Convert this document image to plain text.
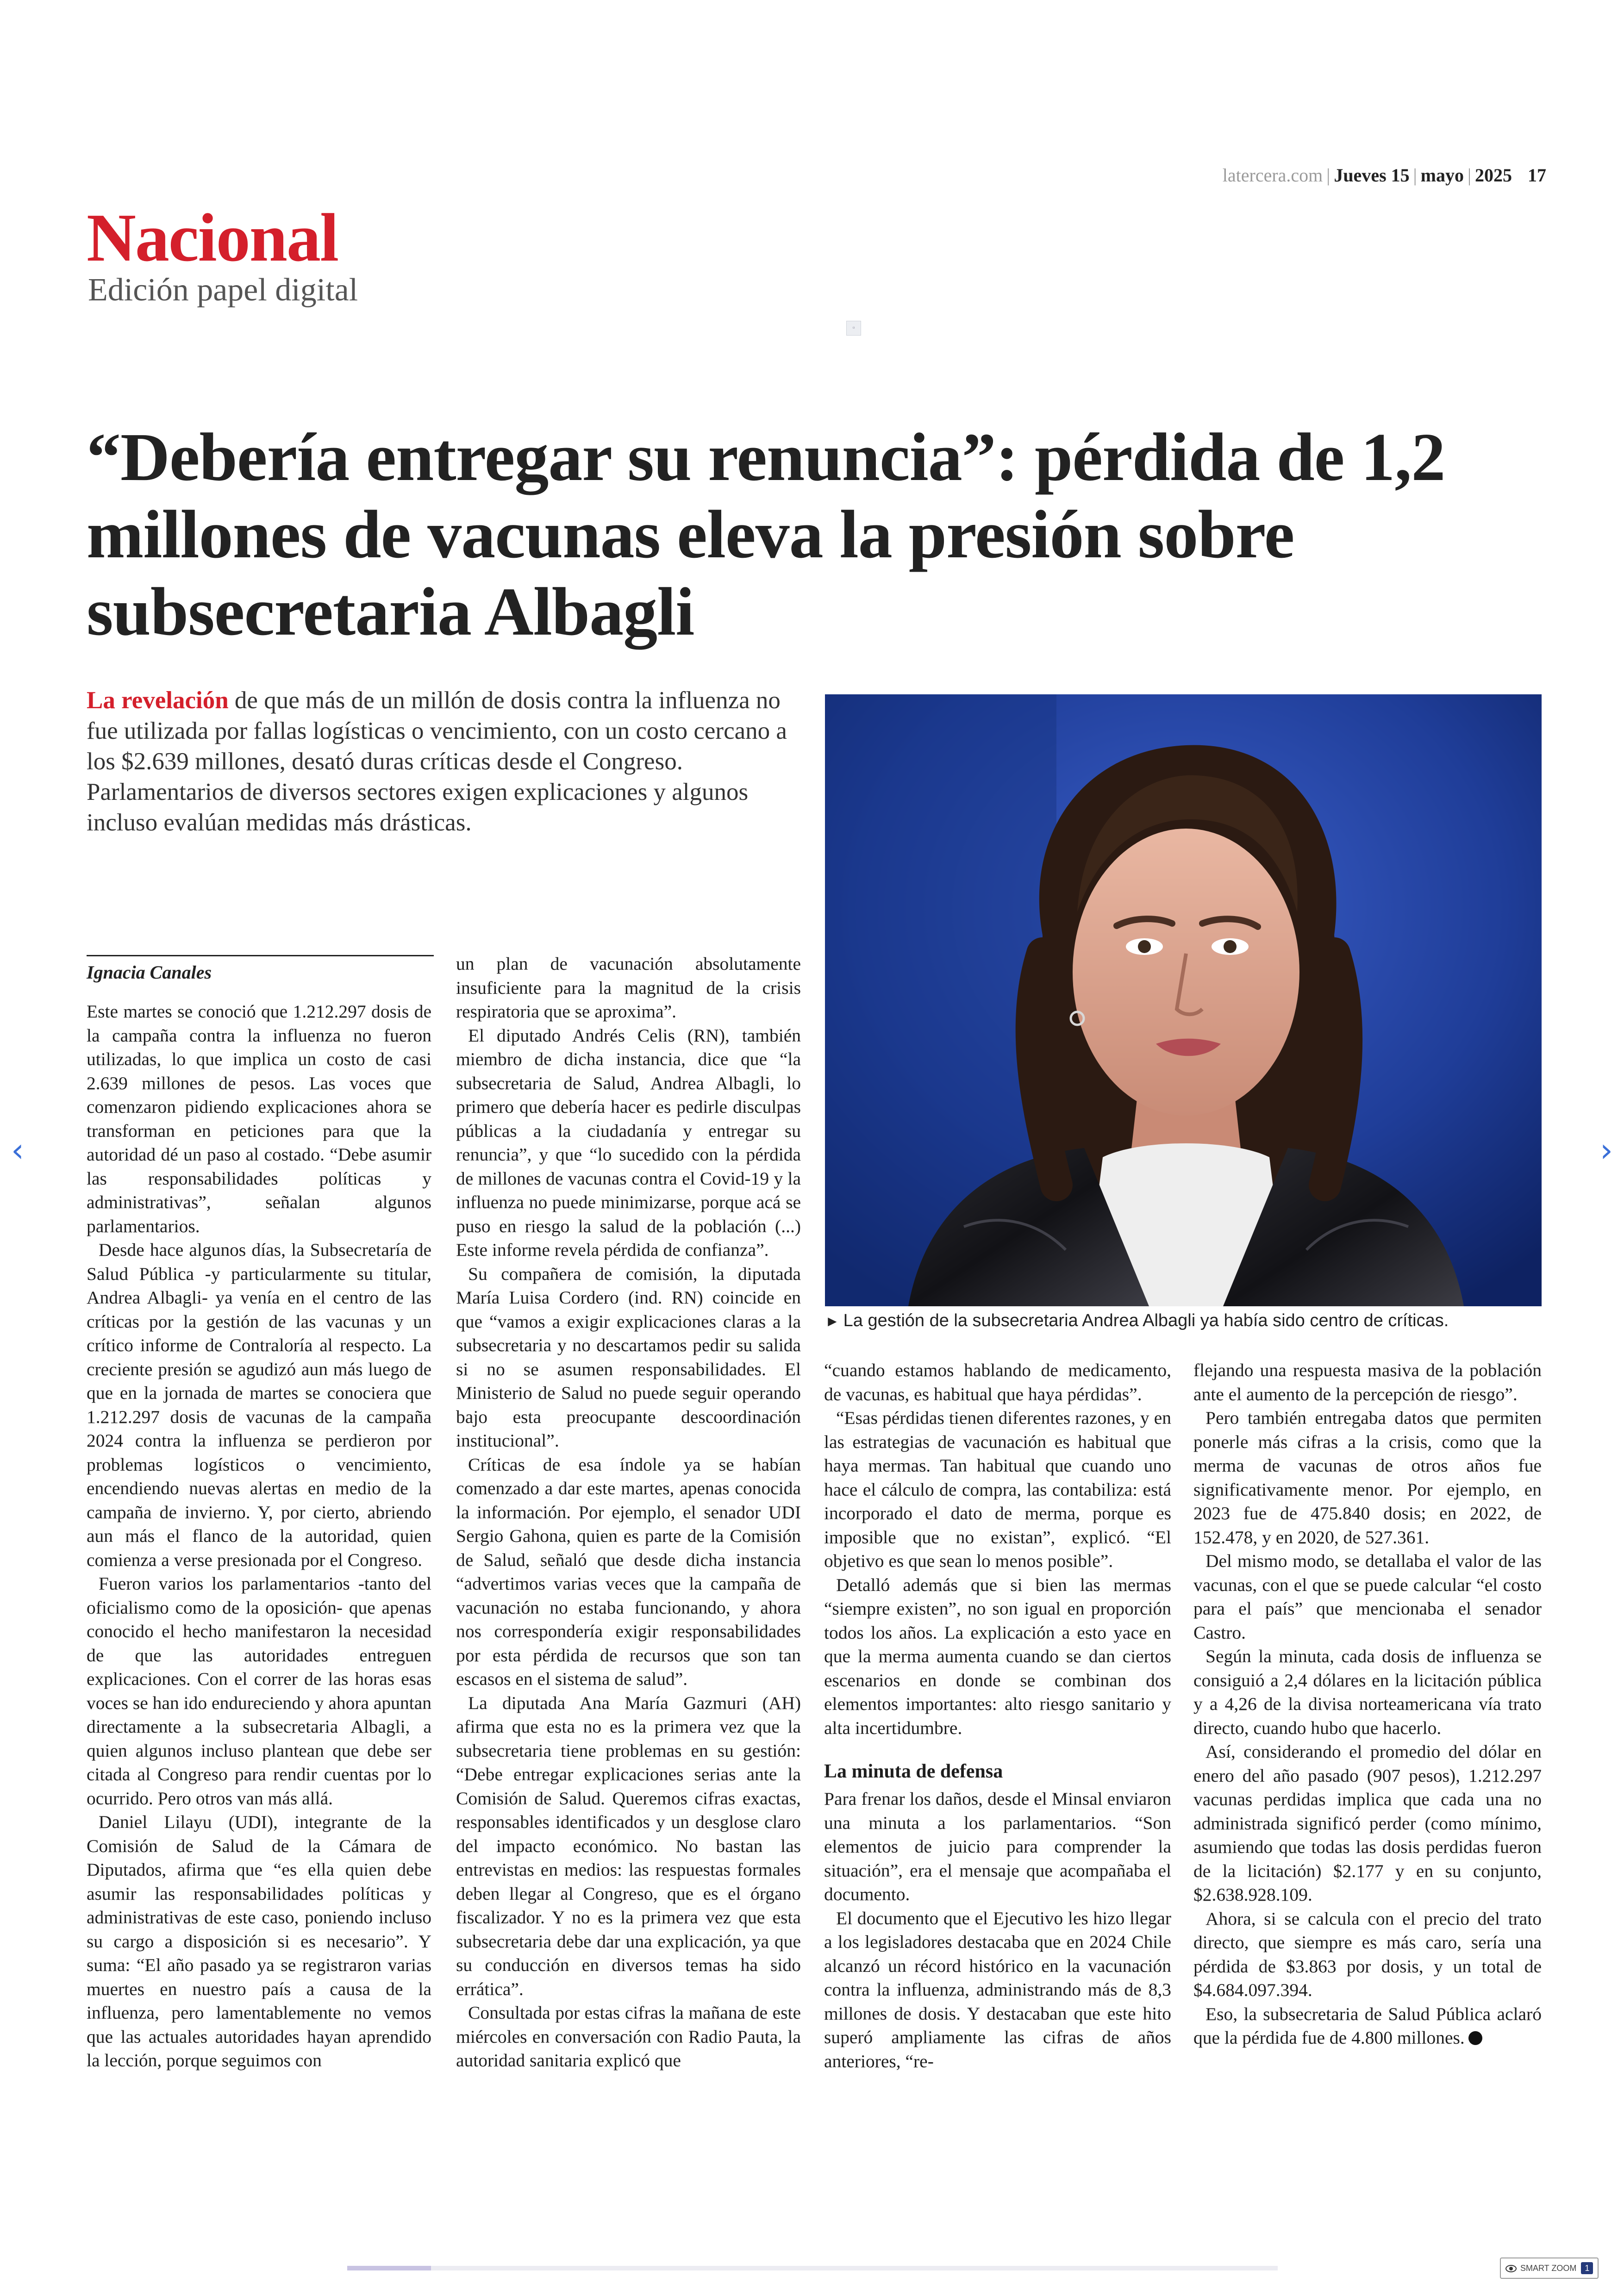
latercera.com | Jueves 15 | mayo | 2025 17
Nacional
Edición papel digital
▫
“Debería entregar su renuncia”: pérdida de 1,2 millones de vacunas eleva la presión sobre subsecretaria Albagli
La revelación de que más de un millón de dosis contra la influenza no fue utilizada por fallas logísticas o vencimiento, con un costo cercano a los $2.639 millones, desató duras críticas desde el Congreso. Parlamentarios de diversos sectores exigen explicaciones y algunos incluso evalúan medidas más drásticas.
► La gestión de la subsecretaria Andrea Albagli ya había sido centro de críticas.
Ignacia Canales

Este martes se conoció que 1.212.297 dosis de la campaña contra la influenza no fueron utilizadas, lo que implica un costo de casi 2.639 millones de pesos. Las voces que comenzaron pidiendo explicaciones ahora se transforman en peticiones para que la autoridad dé un paso al costado. “Debe asumir las responsabilidades políticas y administrativas”, señalan algunos parlamentarios.

Desde hace algunos días, la Subsecretaría de Salud Pública -y particularmente su titular, Andrea Albagli- ya venía en el centro de las críticas por la gestión de las vacunas y un crítico informe de Contraloría al respecto. La creciente presión se agudizó aun más luego de que en la jornada de martes se conociera que 1.212.297 dosis de vacunas de la campaña 2024 contra la influenza se perdieron por problemas logísticos o vencimiento, encendiendo nuevas alertas en medio de la campaña de invierno. Y, por cierto, abriendo aun más el flanco de la autoridad, quien comienza a verse presionada por el Congreso.

Fueron varios los parlamentarios -tanto del oficialismo como de la oposición- que apenas conocido el hecho manifestaron la necesidad de que las autoridades entreguen explicaciones. Con el correr de las horas esas voces se han ido endureciendo y ahora apuntan directamente a la subsecretaria Albagli, a quien algunos incluso plantean que debe ser citada al Congreso para rendir cuentas por lo ocurrido. Pero otros van más allá.

Daniel Lilayu (UDI), integrante de la Comisión de Salud de la Cámara de Diputados, afirma que “es ella quien debe asumir las responsabilidades políticas y administrativas de este caso, poniendo incluso su cargo a disposición si es necesario”. Y suma: “El año pasado ya se registraron varias muertes en nuestro país a causa de la influenza, pero lamentablemente no vemos que las actuales autoridades hayan aprendido la lección, porque seguimos con

un plan de vacunación absolutamente insuficiente para la magnitud de la crisis respiratoria que se aproxima”.

El diputado Andrés Celis (RN), también miembro de dicha instancia, dice que “la subsecretaria de Salud, Andrea Albagli, lo primero que debería hacer es pedirle disculpas públicas a la ciudadanía y entregar su renuncia”, y que “lo sucedido con la pérdida de millones de vacunas contra el Covid-19 y la influenza no puede minimizarse, porque acá se puso en riesgo la salud de la población (...) Este informe revela pérdida de confianza”.

Su compañera de comisión, la diputada María Luisa Cordero (ind. RN) coincide en que “vamos a exigir explicaciones claras a la subsecretaria y no descartamos pedir su salida si no se asumen responsabilidades. El Ministerio de Salud no puede seguir operando bajo esta preocupante descoordinación institucional”.

Críticas de esa índole ya se habían comenzado a dar este martes, apenas conocida la información. Por ejemplo, el senador UDI Sergio Gahona, quien es parte de la Comisión de Salud, señaló que desde dicha instancia “advertimos varias veces que la campaña de vacunación no estaba funcionando, y ahora nos correspondería exigir responsabilidades por esta pérdida de recursos que son tan escasos en el sistema de salud”.

La diputada Ana María Gazmuri (AH) afirma que esta no es la primera vez que la subsecretaria tiene problemas en su gestión: “Debe entregar explicaciones serias ante la Comisión de Salud. Queremos cifras exactas, responsables identificados y un desglose claro del impacto económico. No bastan las entrevistas en medios: las respuestas formales deben llegar al Congreso, que es el órgano fiscalizador. Y no es la primera vez que esta subsecretaria debe dar una explicación, ya que su conducción en diversos temas ha sido errática”.

Consultada por estas cifras la mañana de este miércoles en conversación con Radio Pauta, la autoridad sanitaria explicó que

“cuando estamos hablando de medicamento, de vacunas, es habitual que haya pérdidas”.

“Esas pérdidas tienen diferentes razones, y en las estrategias de vacunación es habitual que haya mermas. Tan habitual que cuando uno hace el cálculo de compra, las contabiliza: está incorporado el dato de merma, porque es imposible que no existan”, explicó. “El objetivo es que sean lo menos posible”.

Detalló además que si bien las mermas “siempre existen”, no son igual en proporción todos los años. La explicación a esto yace en que la merma aumenta cuando se dan ciertos escenarios en donde se combinan dos elementos importantes: alto riesgo sanitario y alta incertidumbre.

La minuta de defensa

Para frenar los daños, desde el Minsal enviaron una minuta a los parlamentarios. “Son elementos de juicio para comprender la situación”, era el mensaje que acompañaba el documento.

El documento que el Ejecutivo les hizo llegar a los legisladores destacaba que en 2024 Chile alcanzó un récord histórico en la vacunación contra la influenza, administrando más de 8,3 millones de dosis. Y destacaban que este hito superó ampliamente las cifras de años anteriores, “re-

flejando una respuesta masiva de la población ante el aumento de la percepción de riesgo”.

Pero también entregaba datos que permiten ponerle más cifras a la crisis, como que la merma de vacunas de otros años fue significativamente menor. Por ejemplo, en 2023 fue de 475.840 dosis; en 2022, de 152.478, y en 2020, de 527.361.

Del mismo modo, se detallaba el valor de las vacunas, con el que se puede calcular “el costo para el país” que mencionaba el senador Castro.

Según la minuta, cada dosis de influenza se consiguió a 2,4 dólares en la licitación pública y a 4,26 de la divisa norteamericana vía trato directo, cuando hubo que hacerlo.

Así, considerando el promedio del dólar en enero del año pasado (907 pesos), 1.212.297 vacunas perdidas implica que cada una no administrada significó perder (como mínimo, asumiendo que todas las dosis perdidas fueron de la licitación) $2.177 y en su conjunto, $2.638.928.109.

Ahora, si se calcula con el precio del trato directo, que siempre es más caro, sería una pérdida de $3.863 por dosis, y un total de $4.684.097.394.

Eso, la subsecretaria de Salud Pública aclaró que la pérdida fue de 4.800 millones.

‹	›
SMART ZOOM 1
